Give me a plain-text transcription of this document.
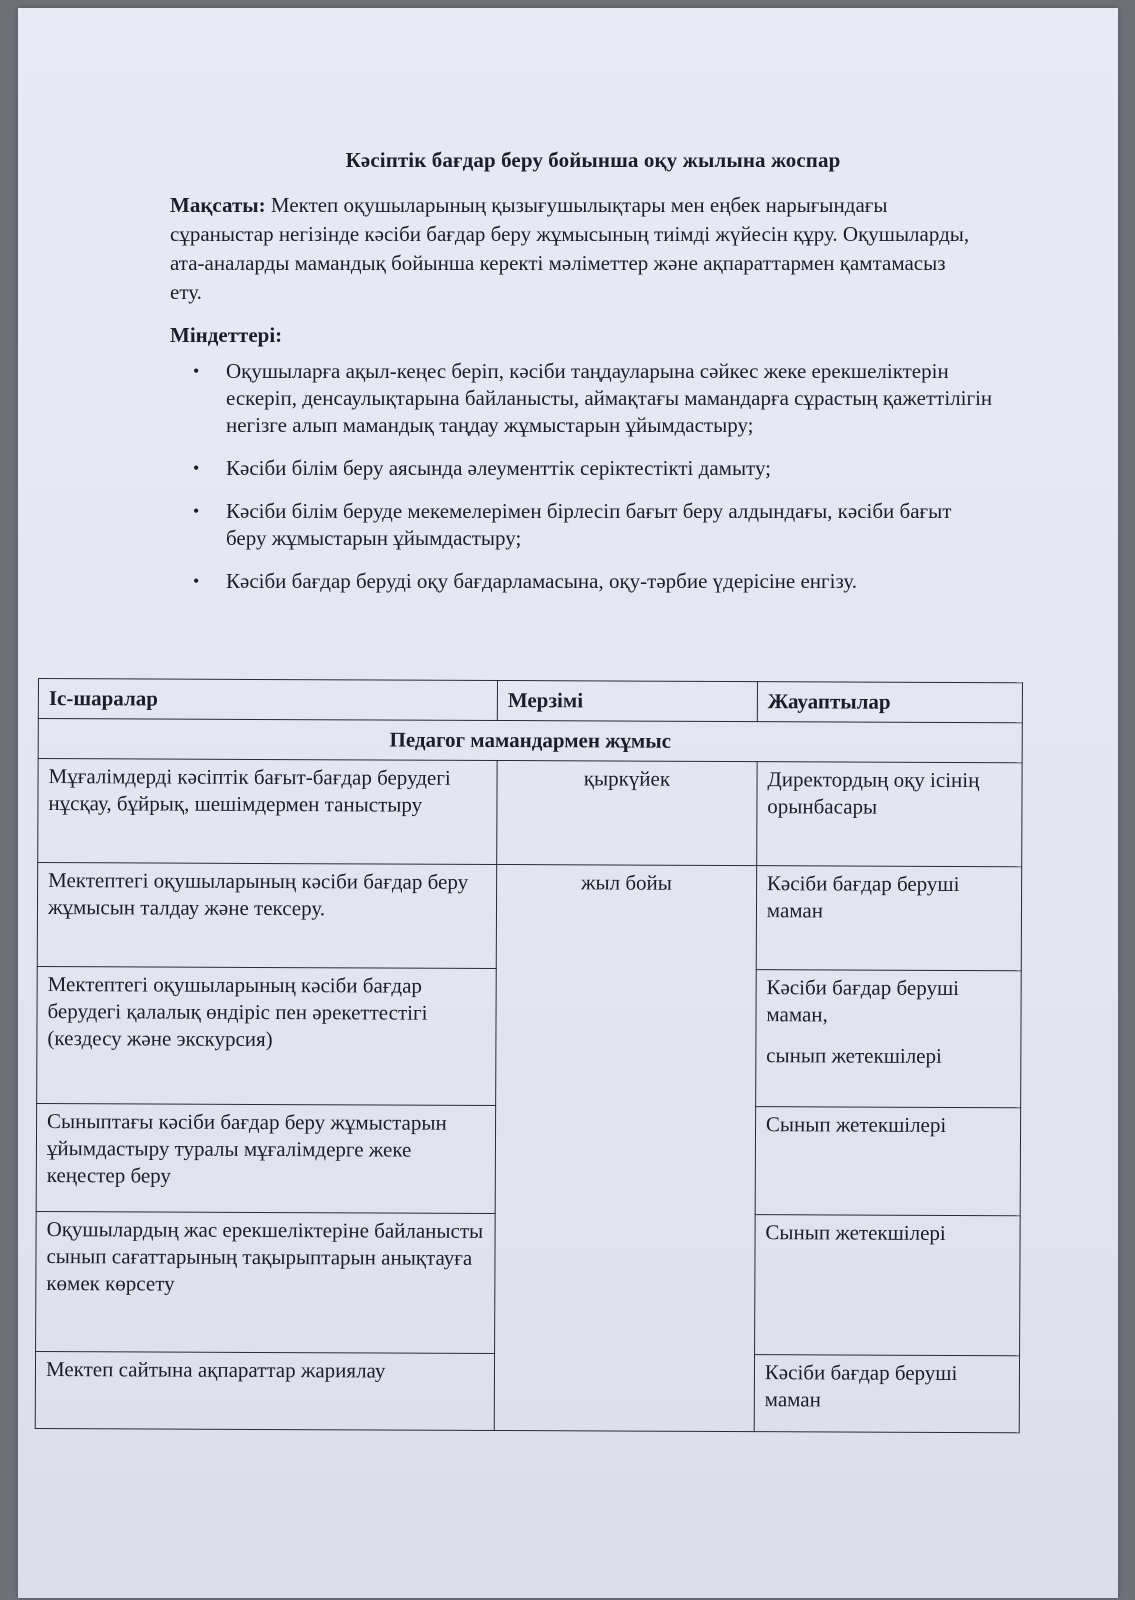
Кәсіптік бағдар беру бойынша оқу жылына жоспар
Мақсаты: Мектеп оқушыларының қызығушылықтары мен еңбек нарығындағы сұраныстар негізінде кәсіби бағдар беру жұмысының тиімді жүйесін құру. Оқушыларды, ата-аналарды мамандық бойынша керекті мәліметтер және ақпараттармен қамтамасыз ету.
Міндеттері:
• Оқушыларға ақыл-кеңес беріп, кәсіби таңдауларына сәйкес жеке ерекшеліктерін ескеріп, денсаулықтарына байланысты, аймақтағы мамандарға сұрастың қажеттілігін негізге алып мамандық таңдау жұмыстарын ұйымдастыру;
• Кәсіби білім беру аясында әлеументтік серіктестікті дамыту;
• Кәсіби білім беруде мекемелерімен бірлесіп бағыт беру алдындағы, кәсіби бағыт беру жұмыстарын ұйымдастыру;
• Кәсіби бағдар беруді оқу бағдарламасына, оқу-тәрбие үдерісіне енгізу.
Іс-шаралар	Мерзімі	Жауаптылар
Педагог мамандармен жұмыс		
Мұғалімдерді кәсіптік бағыт-бағдар берудегі нұсқау, бұйрық, шешімдермен таныстыру	қыркүйек	Директордың оқу ісінің орынбасары
Мектептегі оқушыларының кәсіби бағдар беру жұмысын талдау және тексеру.	жыл бойы	Кәсіби бағдар беруші маман
Мектептегі оқушыларының кәсіби бағдар берудегі қалалық өндіріс пен әрекеттестігі (кездесу және экскурсия)		Кәсіби бағдар беруші маман,
сынып жетекшілері
Сыныптағы кәсіби бағдар беру жұмыстарын ұйымдастыру туралы мұғалімдерге жеке кеңестер беру		Сынып жетекшілері
Оқушылардың жас ерекшеліктеріне байланысты сынып сағаттарының тақырыптарын анықтауға көмек көрсету		Сынып жетекшілері
Мектеп сайтына ақпараттар жариялау		Кәсіби бағдар беруші маман
